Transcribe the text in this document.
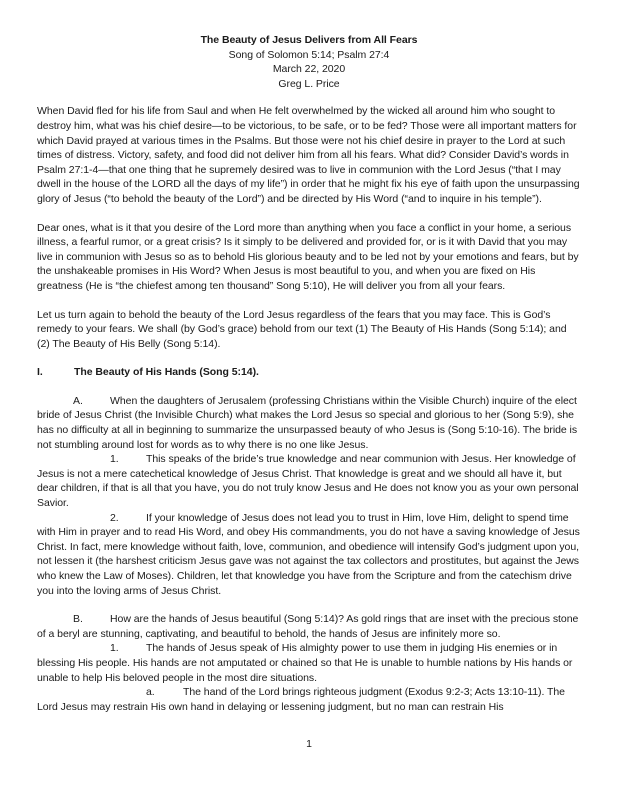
The Beauty of Jesus Delivers from All Fears
Song of Solomon 5:14; Psalm 27:4
March 22, 2020
Greg L. Price

When David fled for his life from Saul and when He felt overwhelmed by the wicked all around him who sought to destroy him, what was his chief desire—to be victorious, to be safe, or to be fed? Those were all important matters for which David prayed at various times in the Psalms. But those were not his chief desire in prayer to the Lord at such times of distress. Victory, safety, and food did not deliver him from all his fears. What did? Consider David’s words in Psalm 27:1-4—that one thing that he supremely desired was to live in communion with the Lord Jesus (“that I may dwell in the house of the LORD all the days of my life”) in order that he might fix his eye of faith upon the unsurpassing glory of Jesus (“to behold the beauty of the Lord”) and be directed by His Word (“and to inquire in his temple”).

Dear ones, what is it that you desire of the Lord more than anything when you face a conflict in your home, a serious illness, a fearful rumor, or a great crisis? Is it simply to be delivered and provided for, or is it with David that you may live in communion with Jesus so as to behold His glorious beauty and to be led not by your emotions and fears, but by the unshakeable promises in His Word? When Jesus is most beautiful to you, and when you are fixed on His greatness (He is “the chiefest among ten thousand” Song 5:10), He will deliver you from all your fears.

Let us turn again to behold the beauty of the Lord Jesus regardless of the fears that you may face. This is God’s remedy to your fears. We shall (by God’s grace) behold from our text (1) The Beauty of His Hands (Song 5:14); and (2) The Beauty of His Belly (Song 5:14).

I.	The Beauty of His Hands (Song 5:14).

A.	When the daughters of Jerusalem (professing Christians within the Visible Church) inquire of the elect bride of Jesus Christ (the Invisible Church) what makes the Lord Jesus so special and glorious to her (Song 5:9), she has no difficulty at all in beginning to summarize the unsurpassed beauty of who Jesus is (Song 5:10-16). The bride is not stumbling around lost for words as to why there is no one like Jesus.

1.	This speaks of the bride’s true knowledge and near communion with Jesus. Her knowledge of Jesus is not a mere catechetical knowledge of Jesus Christ. That knowledge is great and we should all have it, but dear children, if that is all that you have, you do not truly know Jesus and He does not know you as your own personal Savior.

2.	If your knowledge of Jesus does not lead you to trust in Him, love Him, delight to spend time with Him in prayer and to read His Word, and obey His commandments, you do not have a saving knowledge of Jesus Christ. In fact, mere knowledge without faith, love, communion, and obedience will intensify God’s judgment upon you, not lessen it (the harshest criticism Jesus gave was not against the tax collectors and prostitutes, but against the Jews who knew the Law of Moses). Children, let that knowledge you have from the Scripture and from the catechism drive you into the loving arms of Jesus Christ.

B.	How are the hands of Jesus beautiful (Song 5:14)? As gold rings that are inset with the precious stone of a beryl are stunning, captivating, and beautiful to behold, the hands of Jesus are infinitely more so.

1.	The hands of Jesus speak of His almighty power to use them in judging His enemies or in blessing His people. His hands are not amputated or chained so that He is unable to humble nations by His hands or unable to help His beloved people in the most dire situations.

a.	The hand of the Lord brings righteous judgment (Exodus 9:2-3; Acts 13:10-11). The Lord Jesus may restrain His own hand in delaying or lessening judgment, but no man can restrain His

1
